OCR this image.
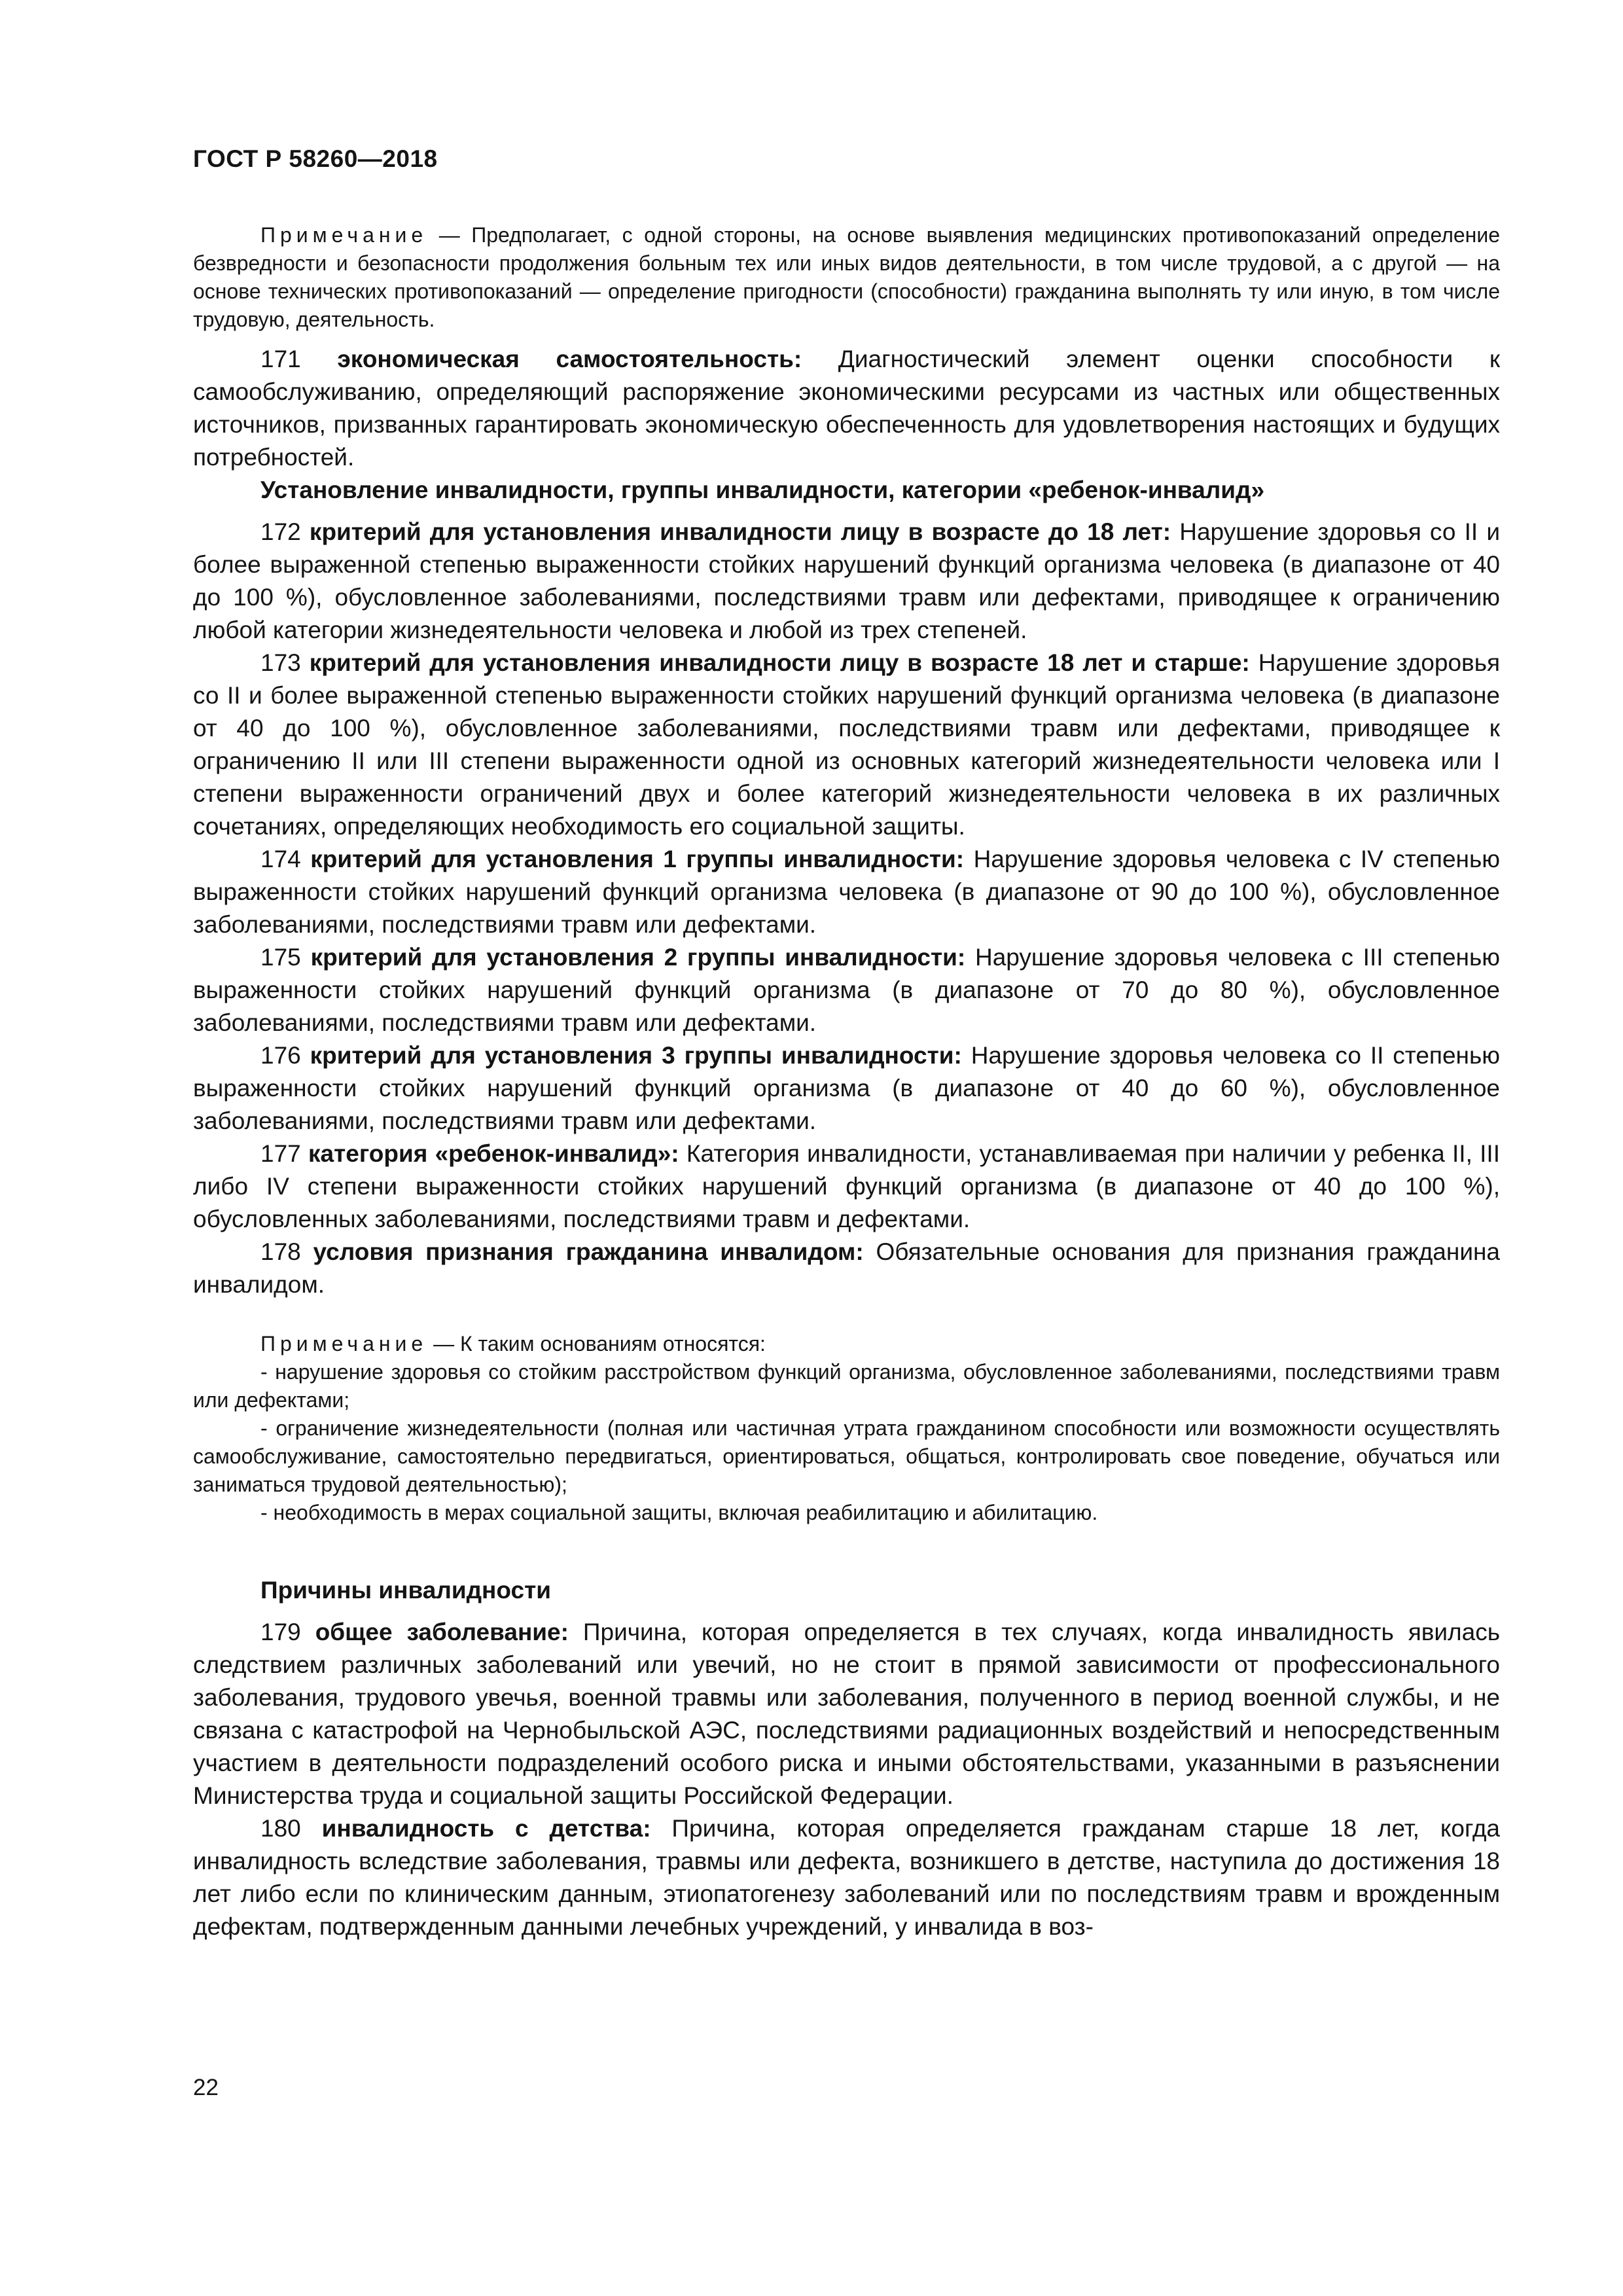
ГОСТ Р 58260—2018

Примечание — Предполагает, с одной стороны, на основе выявления медицинских противопоказаний определение безвредности и безопасности продолжения больным тех или иных видов деятельности, в том числе трудовой, а с другой — на основе технических противопоказаний — определение пригодности (способности) гражданина выполнять ту или иную, в том числе трудовую, деятельность.

171 экономическая самостоятельность: Диагностический элемент оценки способности к самообслуживанию, определяющий распоряжение экономическими ресурсами из частных или общественных источников, призванных гарантировать экономическую обеспеченность для удовлетворения настоящих и будущих потребностей.

Установление инвалидности, группы инвалидности, категории «ребенок-инвалид»

172 критерий для установления инвалидности лицу в возрасте до 18 лет: Нарушение здоровья со II и более выраженной степенью выраженности стойких нарушений функций организма человека (в диапазоне от 40 до 100 %), обусловленное заболеваниями, последствиями травм или дефектами, приводящее к ограничению любой категории жизнедеятельности человека и любой из трех степеней.

173 критерий для установления инвалидности лицу в возрасте 18 лет и старше: Нарушение здоровья со II и более выраженной степенью выраженности стойких нарушений функций организма человека (в диапазоне от 40 до 100 %), обусловленное заболеваниями, последствиями травм или дефектами, приводящее к ограничению II или III степени выраженности одной из основных категорий жизнедеятельности человека или I степени выраженности ограничений двух и более категорий жизнедеятельности человека в их различных сочетаниях, определяющих необходимость его социальной защиты.

174 критерий для установления 1 группы инвалидности: Нарушение здоровья человека с IV степенью выраженности стойких нарушений функций организма человека (в диапазоне от 90 до 100 %), обусловленное заболеваниями, последствиями травм или дефектами.

175 критерий для установления 2 группы инвалидности: Нарушение здоровья человека с III степенью выраженности стойких нарушений функций организма (в диапазоне от 70 до 80 %), обусловленное заболеваниями, последствиями травм или дефектами.

176 критерий для установления 3 группы инвалидности: Нарушение здоровья человека со II степенью выраженности стойких нарушений функций организма (в диапазоне от 40 до 60 %), обусловленное заболеваниями, последствиями травм или дефектами.

177 категория «ребенок-инвалид»: Категория инвалидности, устанавливаемая при наличии у ребенка II, III либо IV степени выраженности стойких нарушений функций организма (в диапазоне от 40 до 100 %), обусловленных заболеваниями, последствиями травм и дефектами.

178 условия признания гражданина инвалидом: Обязательные основания для признания гражданина инвалидом.

Примечание — К таким основаниям относятся:

- нарушение здоровья со стойким расстройством функций организма, обусловленное заболеваниями, последствиями травм или дефектами;

- ограничение жизнедеятельности (полная или частичная утрата гражданином способности или возможности осуществлять самообслуживание, самостоятельно передвигаться, ориентироваться, общаться, контролировать свое поведение, обучаться или заниматься трудовой деятельностью);

- необходимость в мерах социальной защиты, включая реабилитацию и абилитацию.

Причины инвалидности

179 общее заболевание: Причина, которая определяется в тех случаях, когда инвалидность явилась следствием различных заболеваний или увечий, но не стоит в прямой зависимости от профессионального заболевания, трудового увечья, военной травмы или заболевания, полученного в период военной службы, и не связана с катастрофой на Чернобыльской АЭС, последствиями радиационных воздействий и непосредственным участием в деятельности подразделений особого риска и иными обстоятельствами, указанными в разъяснении Министерства труда и социальной защиты Российской Федерации.

180 инвалидность с детства: Причина, которая определяется гражданам старше 18 лет, когда инвалидность вследствие заболевания, травмы или дефекта, возникшего в детстве, наступила до достижения 18 лет либо если по клиническим данным, этиопатогенезу заболеваний или по последствиям травм и врожденным дефектам, подтвержденным данными лечебных учреждений, у инвалида в воз-

22
